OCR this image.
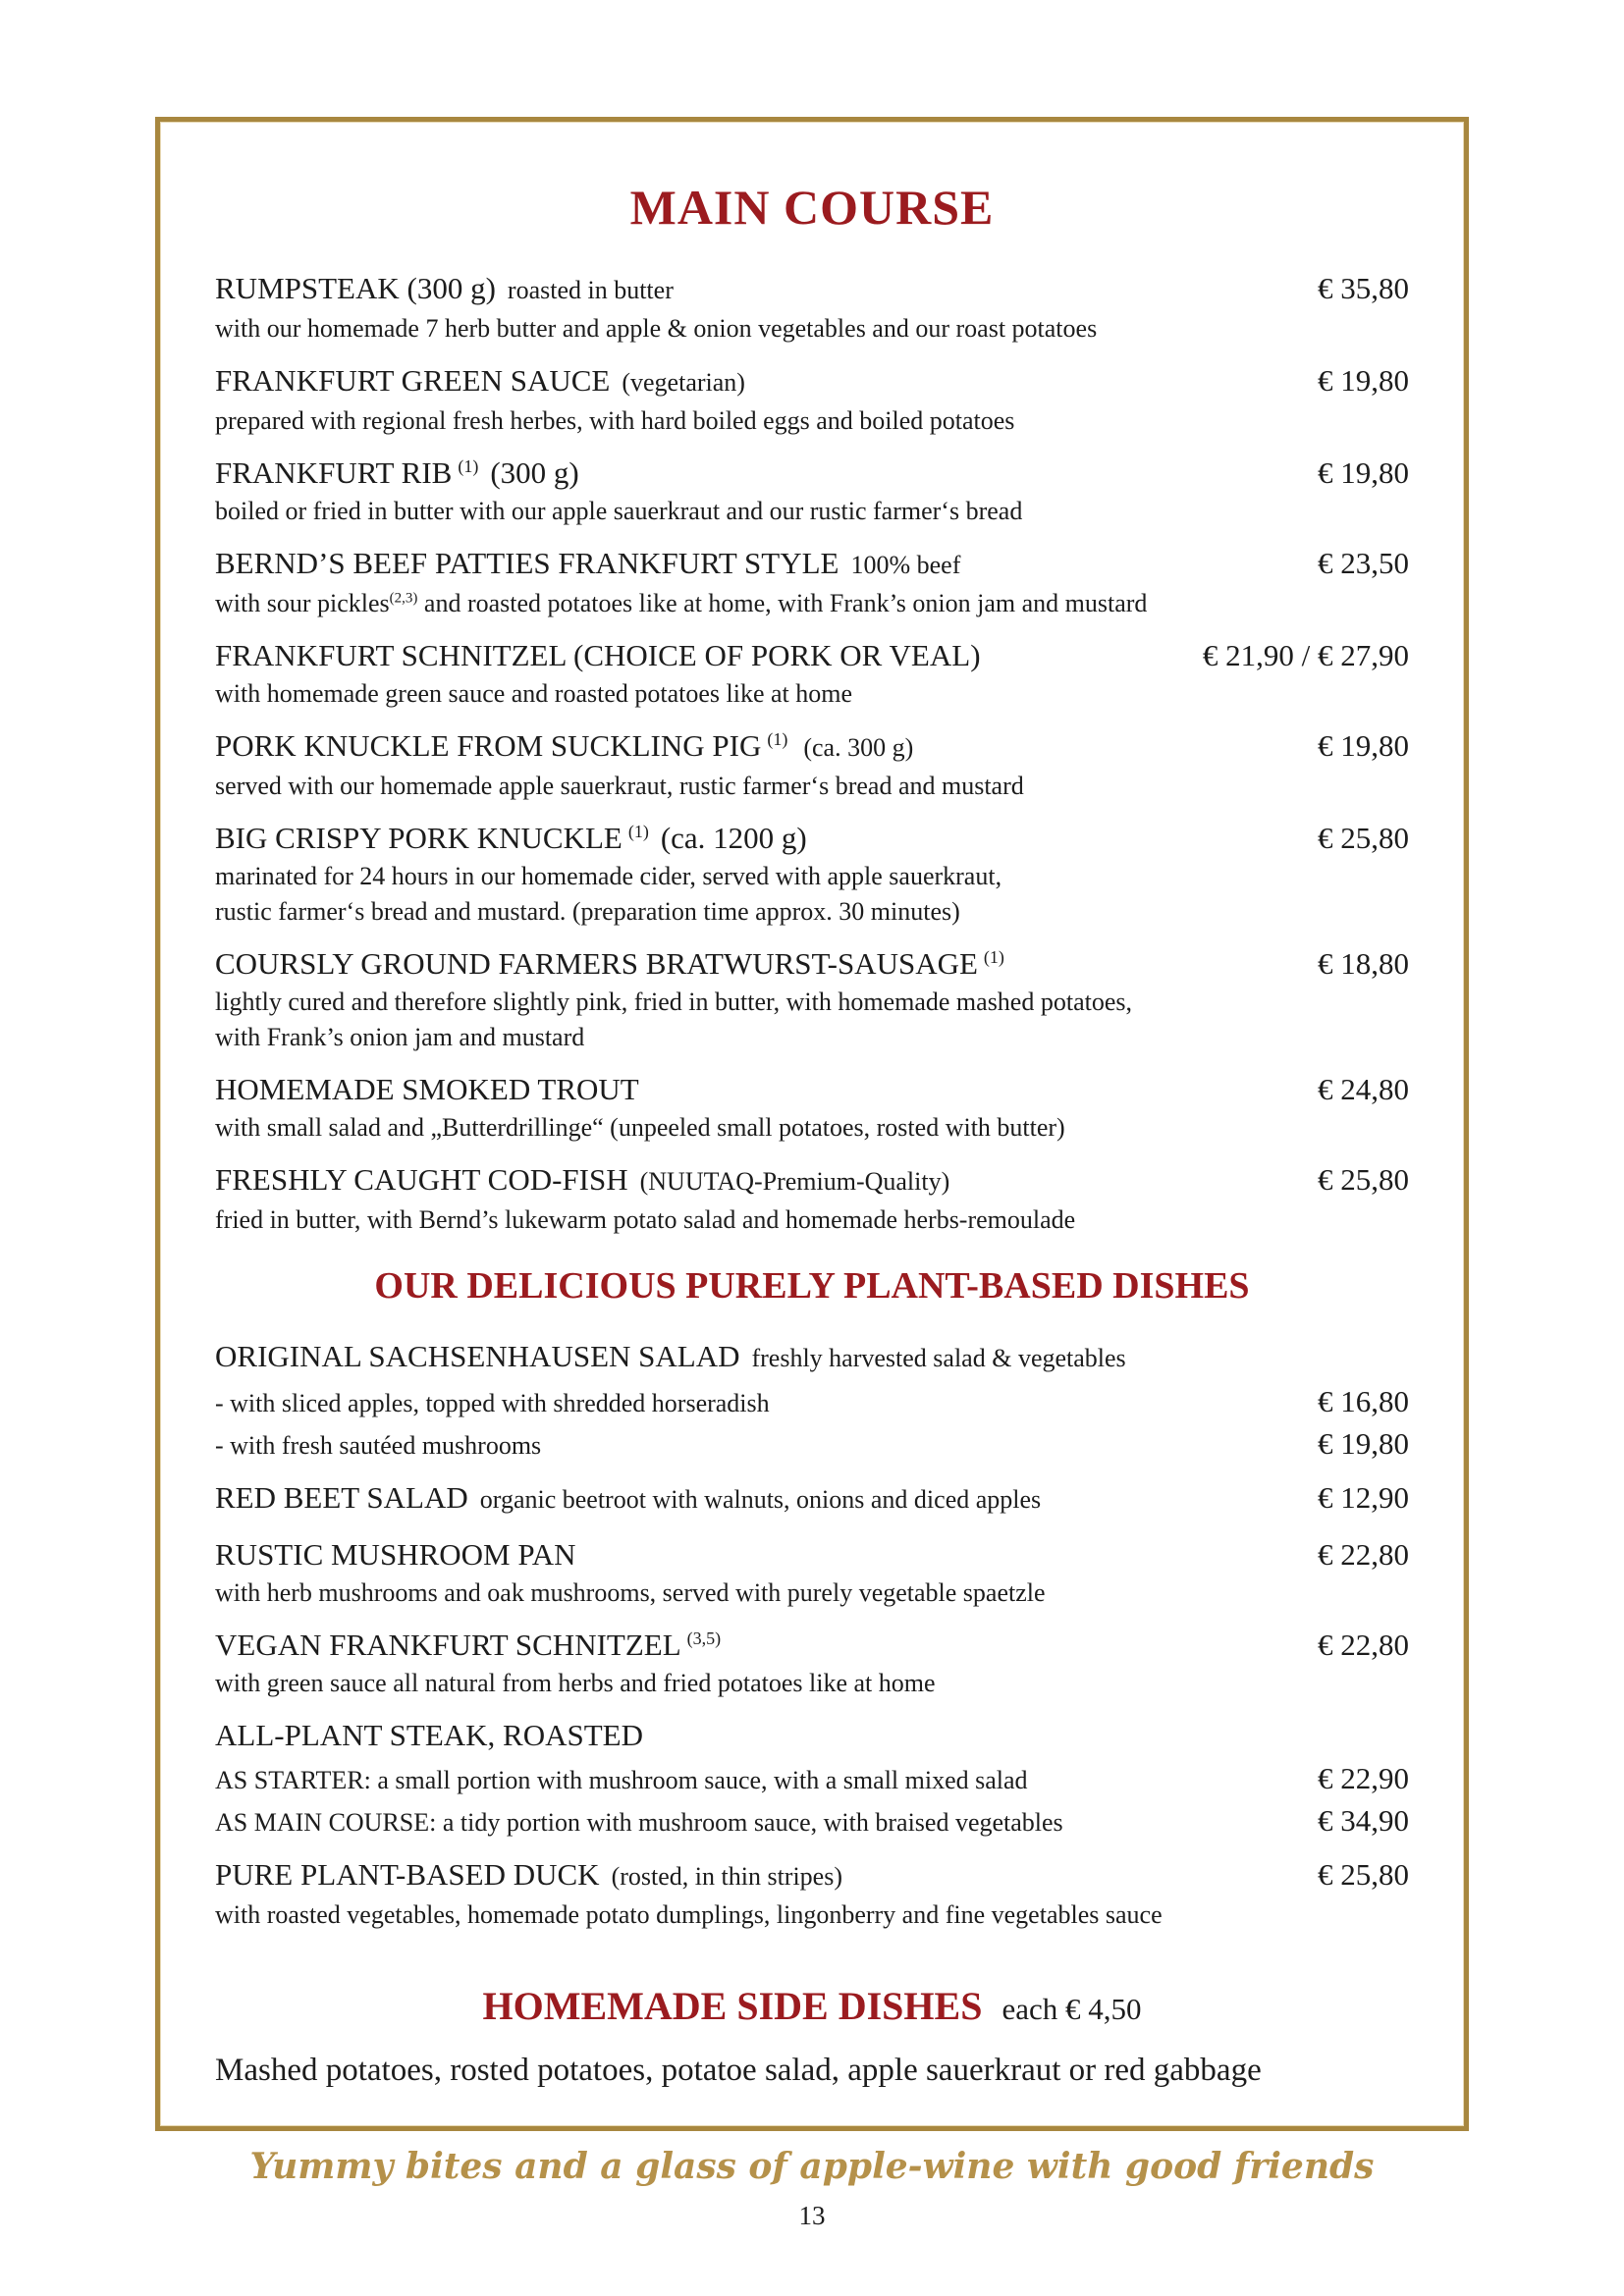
MAIN COURSE
RUMPSTEAK (300 g) roasted in butter	€ 35,80
with our homemade 7 herb butter and apple & onion vegetables and our roast potatoes
FRANKFURT GREEN SAUCE (vegetarian)	€ 19,80
prepared with regional fresh herbes, with hard boiled eggs and boiled potatoes
FRANKFURT RIB $^{(1)}$ (300 g)	€ 19,80
boiled or fried in butter with our apple sauerkraut and our rustic farmer‘s bread
BERND’S BEEF PATTIES FRANKFURT STYLE 100% beef	€ 23,50
with sour pickles$^{(2,3)}$ and roasted potatoes like at home, with Frank’s onion jam and mustard
FRANKFURT SCHNITZEL (CHOICE OF PORK OR VEAL)	€ 21,90 / € 27,90
with homemade green sauce and roasted potatoes like at home
PORK KNUCKLE FROM SUCKLING PIG $^{(1)}$ (ca. 300 g)	€ 19,80
served with our homemade apple sauerkraut, rustic farmer‘s bread and mustard
BIG CRISPY PORK KNUCKLE $^{(1)}$ (ca. 1200 g)	€ 25,80
marinated for 24 hours in our homemade cider, served with apple sauerkraut,
rustic farmer‘s bread and mustard. (preparation time approx. 30 minutes)
COURSLY GROUND FARMERS BRATWURST-SAUSAGE $^{(1)}$	€ 18,80
lightly cured and therefore slightly pink, fried in butter, with homemade mashed potatoes,
with Frank’s onion jam and mustard
HOMEMADE SMOKED TROUT	€ 24,80
with small salad and „Butterdrillinge“ (unpeeled small potatoes, rosted with butter)
FRESHLY CAUGHT COD-FISH (NUUTAQ-Premium-Quality)	€ 25,80
fried in butter, with Bernd’s lukewarm potato salad and homemade herbs-remoulade
OUR DELICIOUS PURELY PLANT-BASED DISHES
ORIGINAL SACHSENHAUSEN SALAD freshly harvested salad & vegetables
- with sliced apples, topped with shredded horseradish	€ 16,80
- with fresh sautéed mushrooms	€ 19,80
RED BEET SALAD organic beetroot with walnuts, onions and diced apples	€ 12,90
RUSTIC MUSHROOM PAN	€ 22,80
with herb mushrooms and oak mushrooms, served with purely vegetable spaetzle
VEGAN FRANKFURT SCHNITZEL $^{(3,5)}$	€ 22,80
with green sauce all natural from herbs and fried potatoes like at home
ALL-PLANT STEAK, ROASTED
AS STARTER: a small portion with mushroom sauce, with a small mixed salad	€ 22,90
AS MAIN COURSE: a tidy portion with mushroom sauce, with braised vegetables	€ 34,90
PURE PLANT-BASED DUCK (rosted, in thin stripes)	€ 25,80
with roasted vegetables, homemade potato dumplings, lingonberry and fine vegetables sauce
HOMEMADE SIDE DISHES each € 4,50
Mashed potatoes, rosted potatoes, potatoe salad, apple sauerkraut or red gabbage
Yummy bites and a glass of apple-wine with good friends
13
